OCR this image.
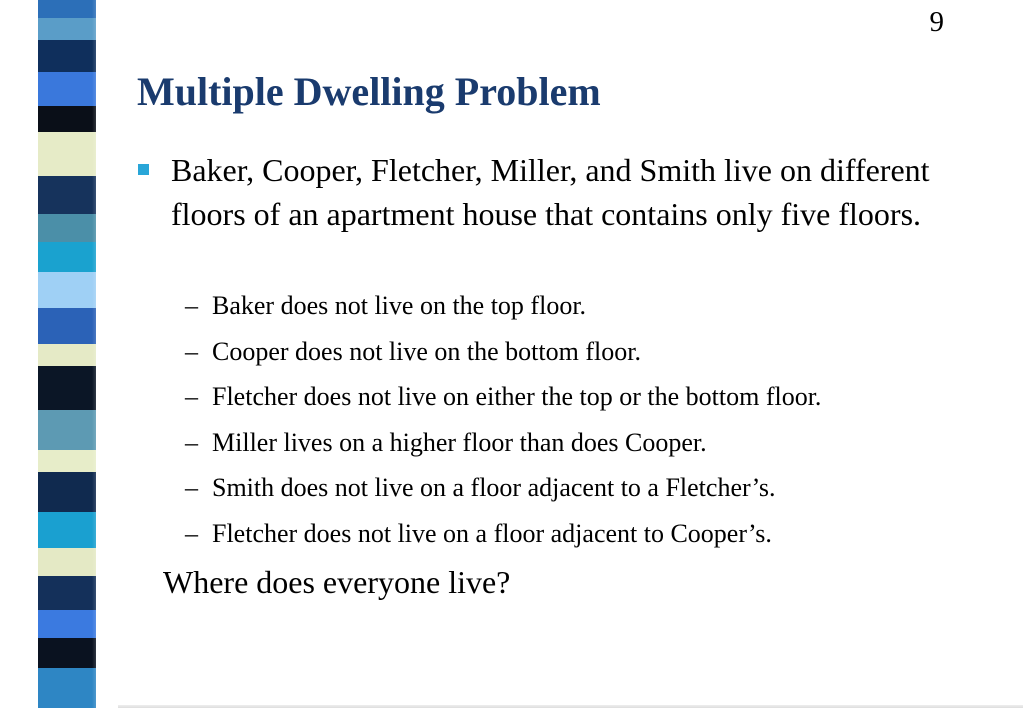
9
Multiple Dwelling Problem
Baker, Cooper, Fletcher, Miller, and Smith live on different floors of an apartment house that contains only five floors.
– Baker does not live on the top floor.
– Cooper does not live on the bottom floor.
– Fletcher does not live on either the top or the bottom floor.
– Miller lives on a higher floor than does Cooper.
– Smith does not live on a floor adjacent to a Fletcher’s.
– Fletcher does not live on a floor adjacent to Cooper’s.
Where does everyone live?
